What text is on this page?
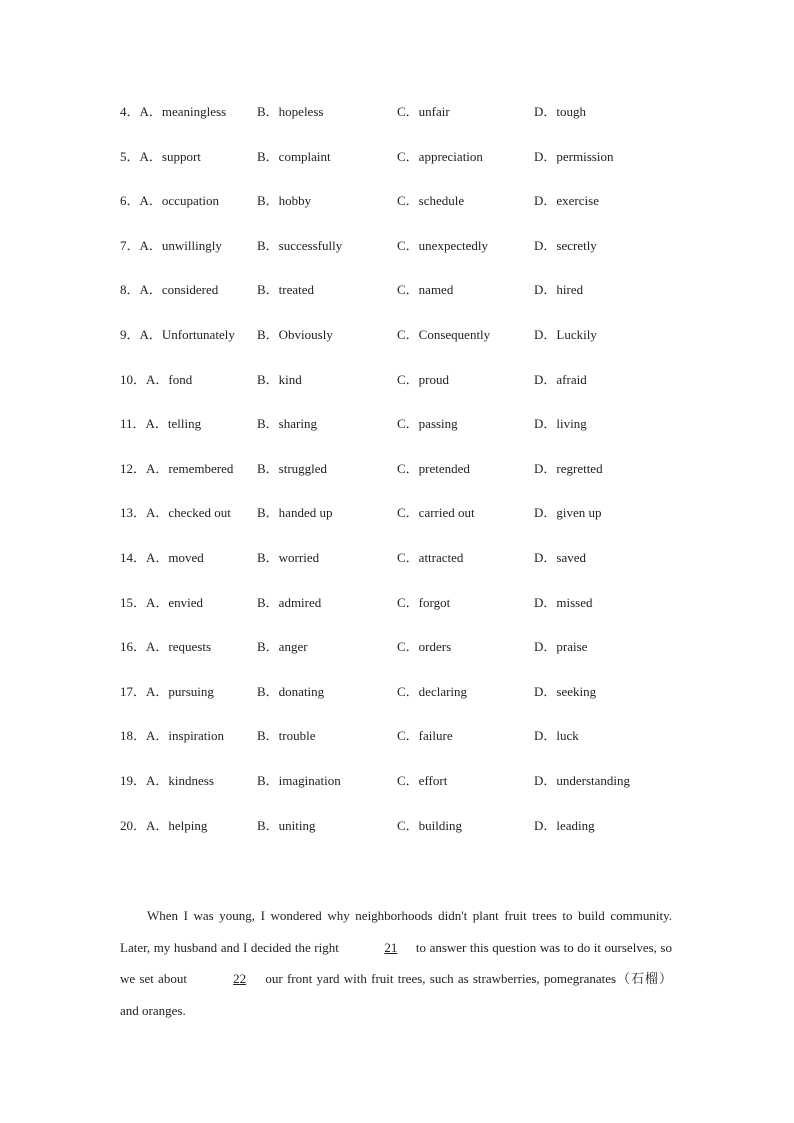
4．A．meaningless B．hopeless	C．unfair	D．tough
5．A．support	B．complaint	C．appreciation	D．permission
6．A．occupation	B．hobby	C．schedule	D．exercise
7．A．unwillingly	B．successfully	C．unexpectedly	D．secretly
8．A．considered	B．treated	C．named	D．hired
9．A．Unfortunately B．Obviously	C．Consequently	D．Luckily
10．A．fond	B．kind	C．proud	D．afraid
11．A．telling	B．sharing	C．passing	D．living
12．A．remembered B．struggled	C．pretended	D．regretted
13．A．checked out B．handed up	C．carried out	D．given up
14．A．moved	B．worried	C．attracted	D．saved
15．A．envied	B．admired	C．forgot	D．missed
16．A．requests	B．anger	C．orders	D．praise
17．A．pursuing	B．donating	C．declaring	D．seeking
18．A．inspiration	B．trouble	C．failure	D．luck
19．A．kindness	B．imagination	C．effort	D．understanding
20．A．helping	B．uniting	C．building	D．leading

When I was young, I wondered why neighborhoods didn't plant fruit trees to build community. Later, my husband and I decided the right	21 to answer this question was to do it ourselves, so we set about	22 our front yard with fruit trees, such as strawberries, pomegranates（石榴）and oranges.
